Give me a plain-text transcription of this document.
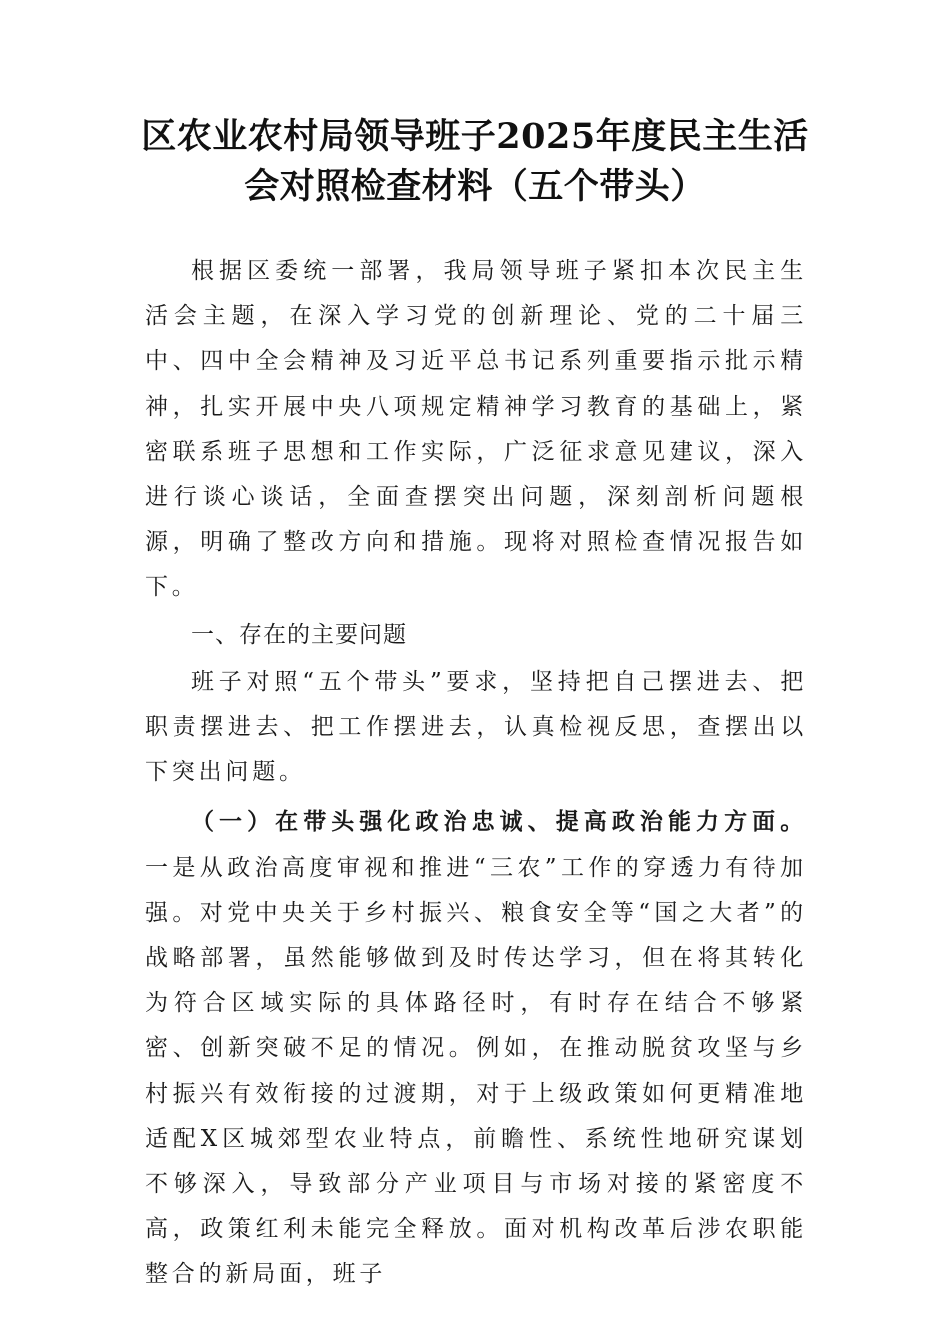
区农业农村局领导班子2025年度民主生活
会对照检查材料（五个带头）

根据区委统一部署，我局领导班子紧扣本次民主生活会主题，在深入学习党的创新理论、党的二十届三中、四中全会精神及习近平总书记系列重要指示批示精神，扎实开展中央八项规定精神学习教育的基础上，紧密联系班子思想和工作实际，广泛征求意见建议，深入进行谈心谈话，全面查摆突出问题，深刻剖析问题根源，明确了整改方向和措施。现将对照检查情况报告如下。

一、存在的主要问题

班子对照“五个带头”要求，坚持把自己摆进去、把职责摆进去、把工作摆进去，认真检视反思，查摆出以下突出问题。

（一）在带头强化政治忠诚、提高政治能力方面。一是从政治高度审视和推进“三农”工作的穿透力有待加强。对党中央关于乡村振兴、粮食安全等“国之大者”的战略部署，虽然能够做到及时传达学习，但在将其转化为符合区域实际的具体路径时，有时存在结合不够紧密、创新突破不足的情况。例如，在推动脱贫攻坚与乡村振兴有效衔接的过渡期，对于上级政策如何更精准地适配X区城郊型农业特点，前瞻性、系统性地研究谋划不够深入，导致部分产业项目与市场对接的紧密度不高，政策红利未能完全释放。面对机构改革后涉农职能整合的新局面，班子
